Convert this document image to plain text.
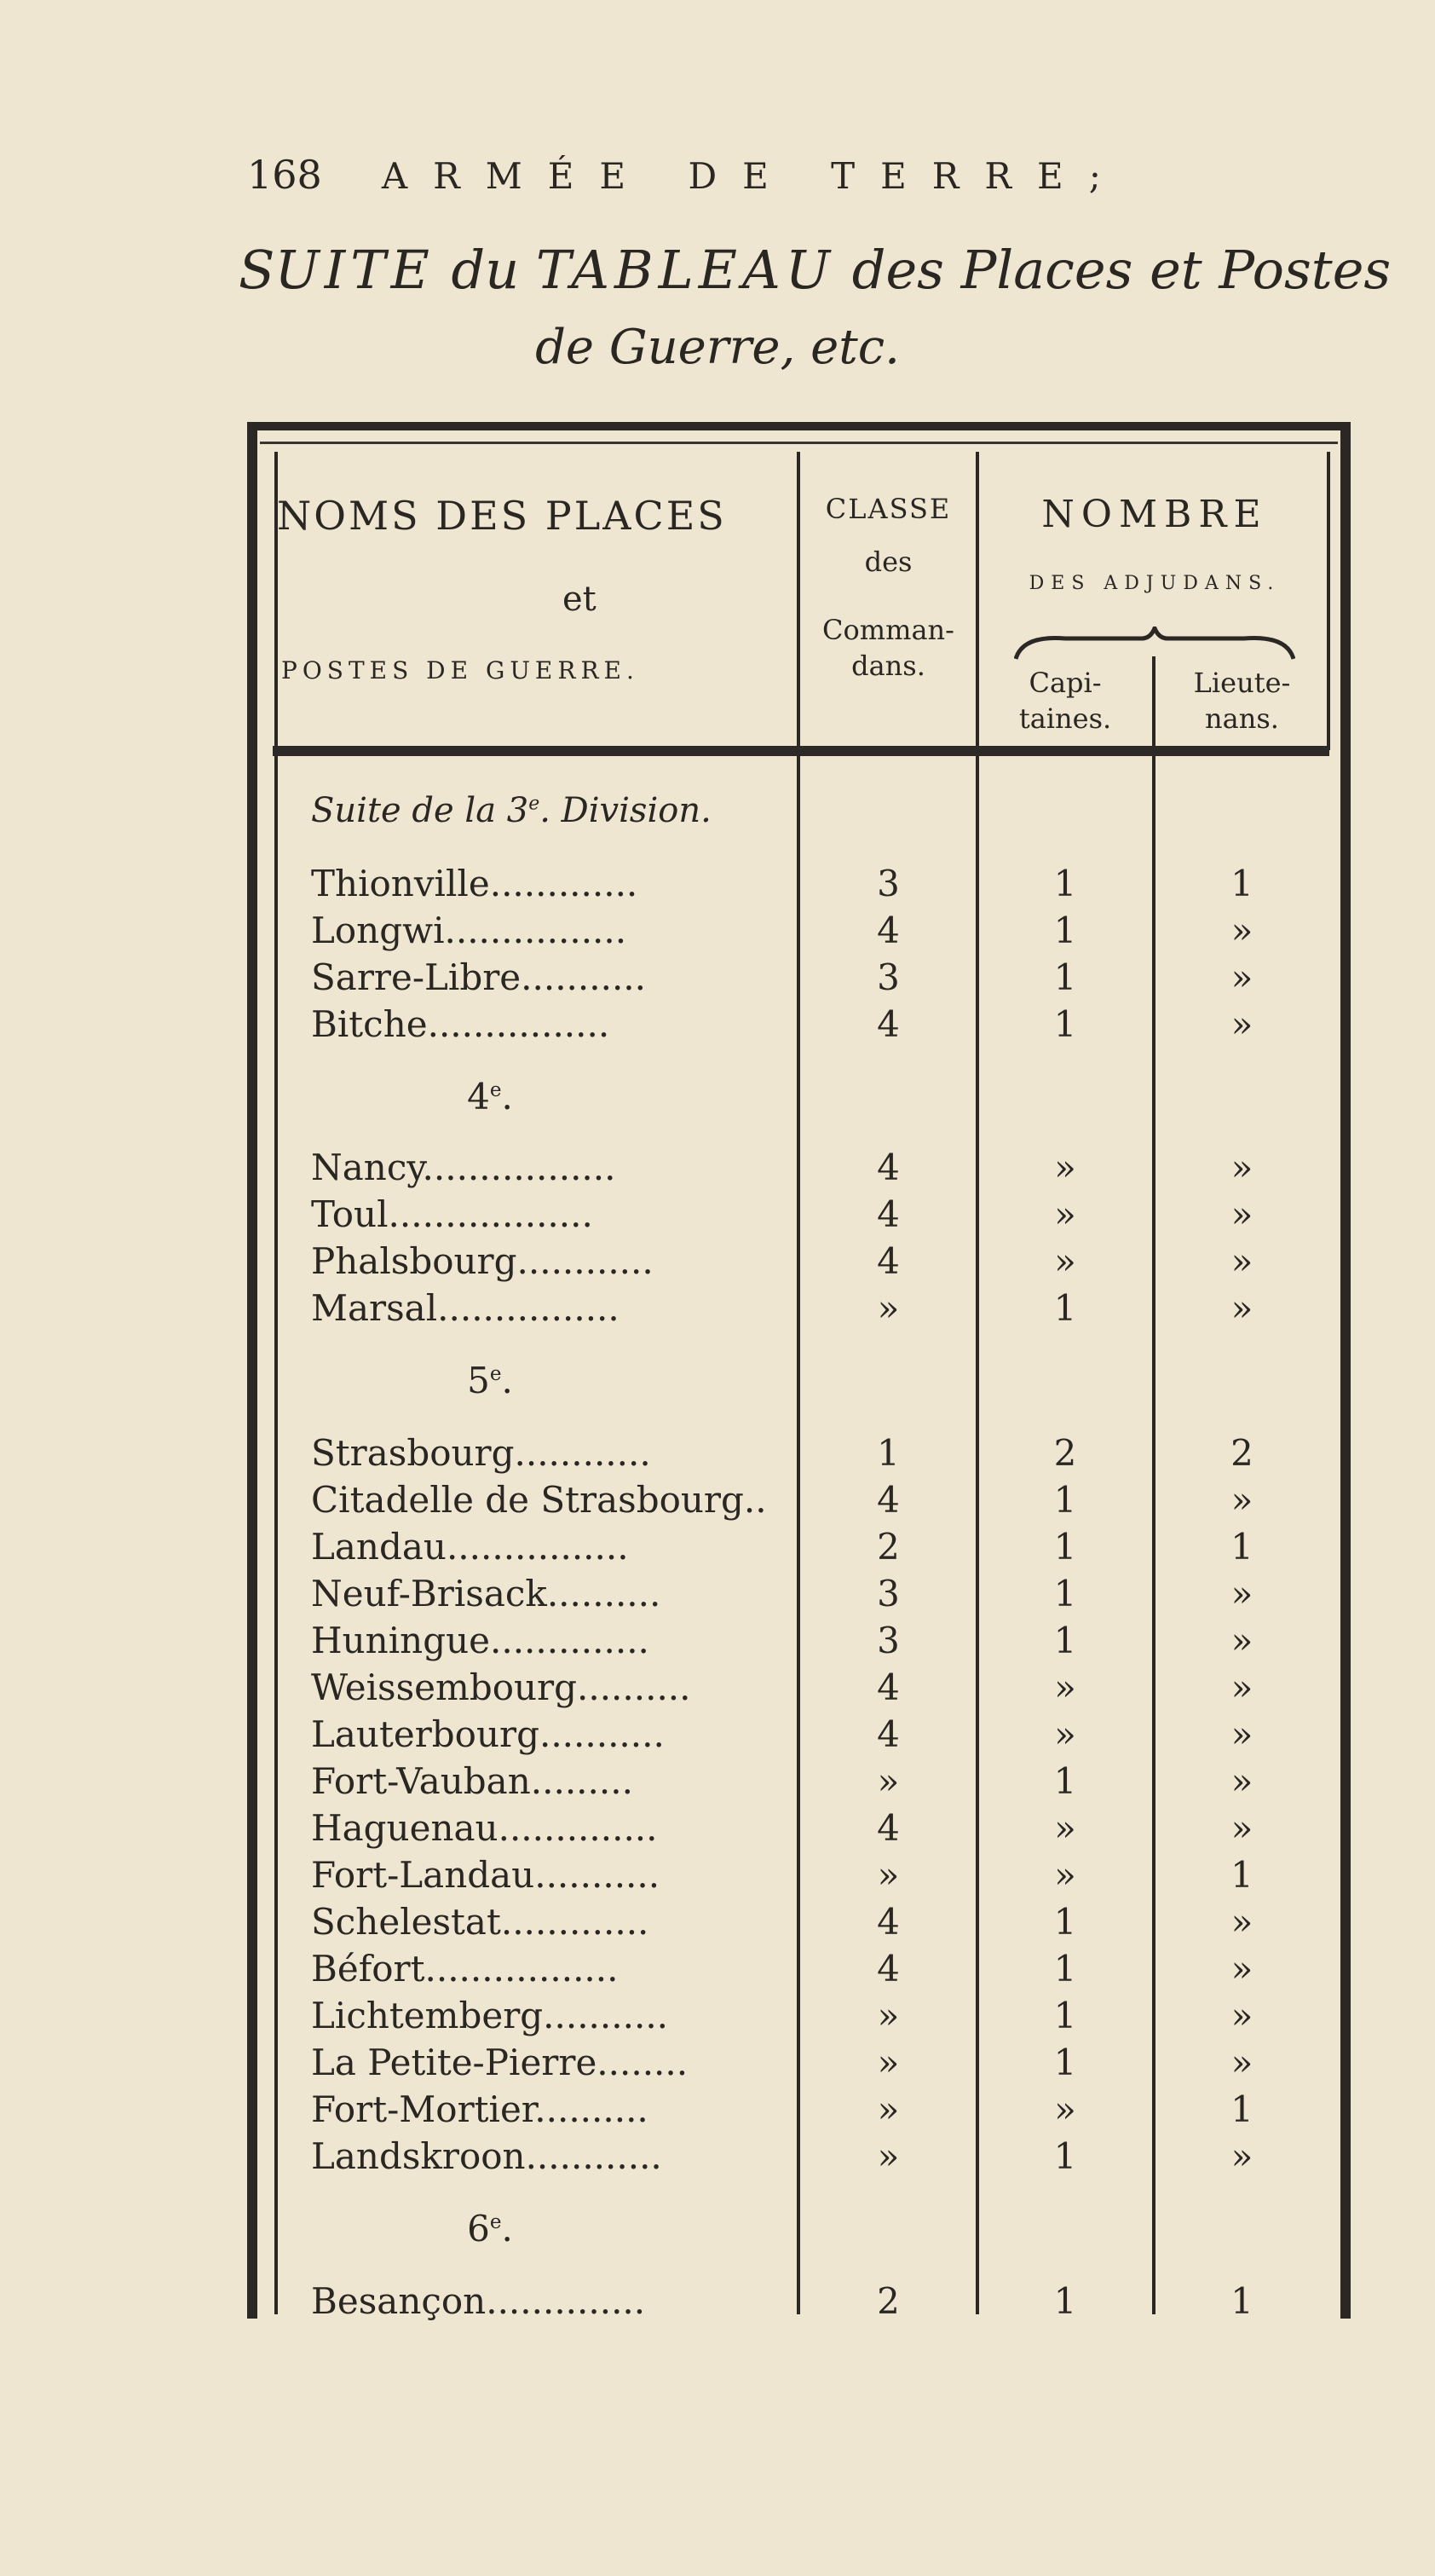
168 ARMÉE DE TERRE;
SUITE du TABLEAU des Places et Postes
de Guerre, etc.
NOMS DES PLACES
et
POSTES DE GUERRE.
CLASSE
des
Comman-
dans.
NOMBRE
DES ADJUDANS.
Capi-
taines.
Lieute-
nans.
Suite de la 3e. Division.
Thionville.............	3	1	1
Longwi................	4	1	»
Sarre-Libre...........	3	1	»
Bitche................	4	1	»
Nancy.................	4	»	»
Toul..................	4	»	»
Phalsbourg............	4	»	»
Marsal................	»	1	»
Strasbourg............	1	2	2
Citadelle de Strasbourg..	4	1	»
Landau................	2	1	1
Neuf-Brisack..........	3	1	»
Huningue..............	3	1	»
Weissembourg..........	4	»	»
Lauterbourg...........	4	»	»
Fort-Vauban.........	»	1	»
Haguenau..............	4	»	»
Fort-Landau...........	»	»	1
Schelestat.............	4	1	»
Béfort.................	4	1	»
Lichtemberg...........	»	1	»
La Petite-Pierre........	»	1	»
Fort-Mortier..........	»	»	1
Landskroon............	»	1	»
Besançon..............	2	1	1
4e.
5e.
6e.
